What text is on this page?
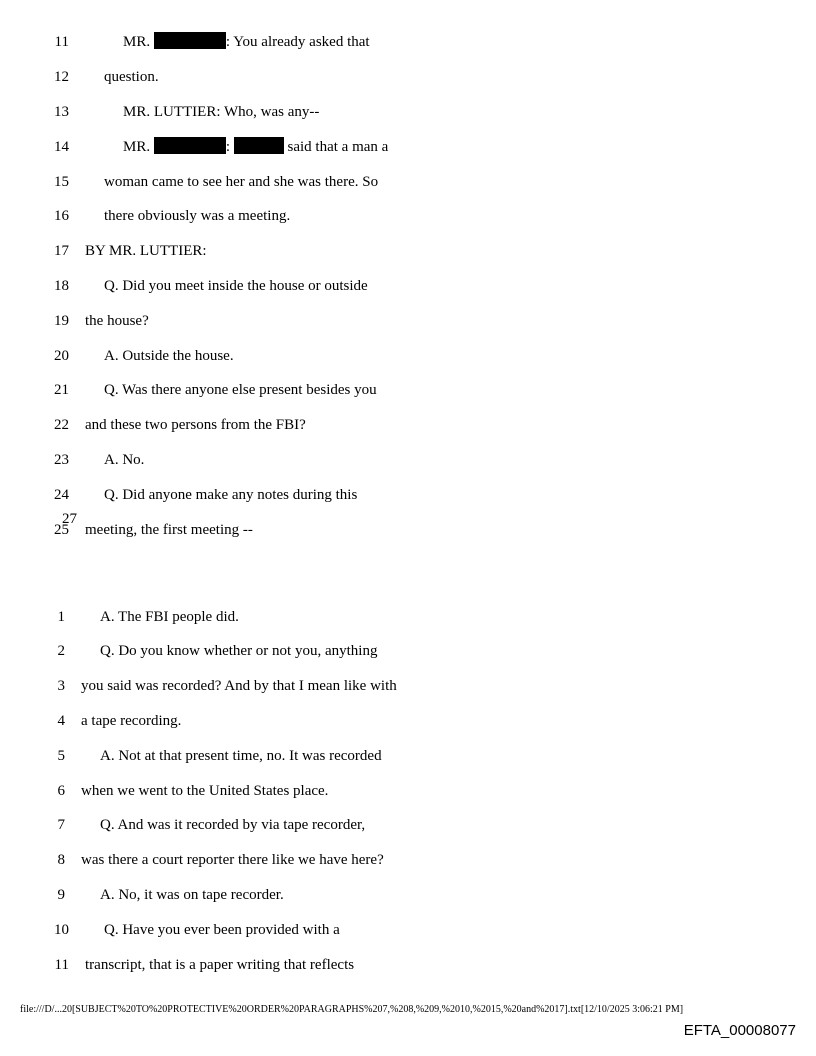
11	MR.	: You already asked that
12 question.
13	MR. LUTTIER: Who, was any--
14	MR.	:	said that a man a
15 woman came to see her and she was there. So
16 there obviously was a meeting.
17 BY MR. LUTTIER:
18 Q. Did you meet inside the house or outside
19 the house?
20 A. Outside the house.
21 Q. Was there anyone else present besides you
22 and these two persons from the FBI?
23 A. No.
24 Q. Did anyone make any notes during this
25 meeting, the first meeting --
27
1 A. The FBI people did.
2 Q. Do you know whether or not you, anything
3 you said was recorded? And by that I mean like with
4 a tape recording.
5 A. Not at that present time, no. It was recorded
6 when we went to the United States place.
7 Q. And was it recorded by via tape recorder,
8 was there a court reporter there like we have here?
9 A. No, it was on tape recorder.
10 Q. Have you ever been provided with a
11 transcript, that is a paper writing that reflects
file:///D/...20[SUBJECT%20TO%20PROTECTIVE%20ORDER%20PARAGRAPHS%207,%208,%209,%2010,%2015,%20and%2017].txt[12/10/2025 3:06:21 PM]
EFTA_00008077
